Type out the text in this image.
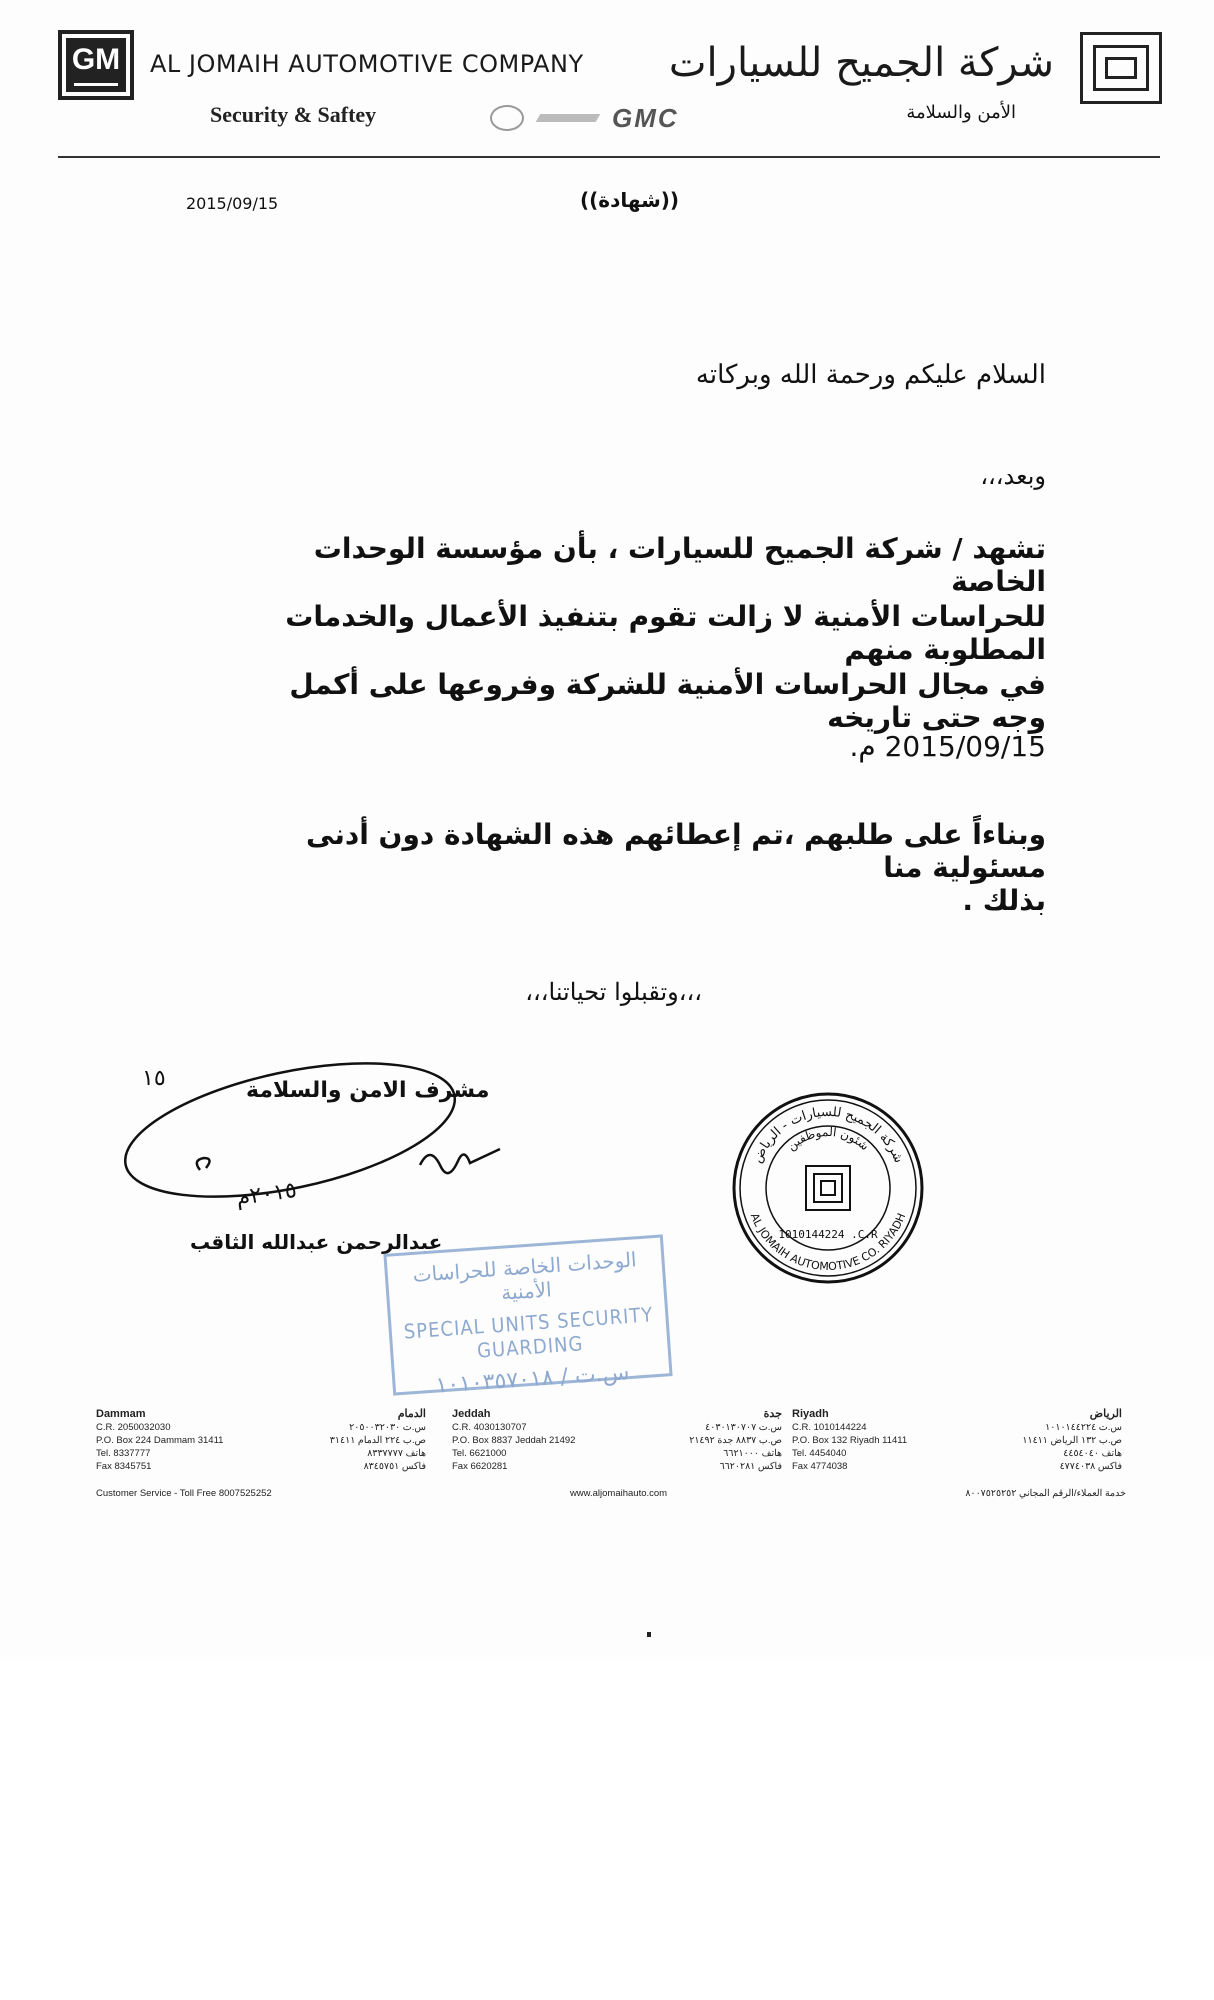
GM AL JOMAIH AUTOMOTIVE COMPANY
Security & Saftey	GMC
شركة الجميح للسيارات
الأمن والسلامة
2015/09/15	((شهادة))
السلام عليكم ورحمة الله وبركاته
وبعد،،،
تشهد / شركة الجميح للسيارات ، بأن مؤسسة الوحدات الخاصة
للحراسات الأمنية لا زالت تقوم بتنفيذ الأعمال والخدمات المطلوبة منهم
في مجال الحراسات الأمنية للشركة وفروعها على أكمل وجه حتى تاريخه
2015/09/15 م.
وبناءاً على طلبهم ،تم إعطائهم هذه الشهادة دون أدنى مسئولية منا
بذلك .
،،،وتقبلوا تحياتنا،،،
١٥	مشرف الامن والسلامة
٢٠١٥م
عبدالرحمن عبدالله الثاقب
شركة الجميح للسيارات - الرياض
شئون الموظفين
AL JOMAIH AUTOMOTIVE CO. RIYADH
1010144224 .C.R
الوحدات الخاصة للحراسات الأمنية
SPECIAL UNITS SECURITY GUARDING
س.ت / ١٠١٠٣٥٧٠١٨
Dammam	الدمام
C.R. 2050032030	س.ت ٢٠٥٠٠٣٢٠٣٠
P.O. Box 224 Dammam 31411	ص.ب ٢٢٤ الدمام ٣١٤١١
Tel. 8337777	هاتف ٨٣٣٧٧٧٧
Fax 8345751	فاكس ٨٣٤٥٧٥١
Jeddah	جدة
C.R. 4030130707	س.ت ٤٠٣٠١٣٠٧٠٧
P.O. Box 8837 Jeddah 21492	ص.ب ٨٨٣٧ جدة ٢١٤٩٢
Tel. 6621000	هاتف ٦٦٢١٠٠٠
Fax 6620281	فاكس ٦٦٢٠٢٨١
Riyadh	الرياض
C.R. 1010144224	س.ت ١٠١٠١٤٤٢٢٤
P.O. Box 132 Riyadh 11411	ص.ب ١٣٢ الرياض ١١٤١١
Tel. 4454040	هاتف ٤٤٥٤٠٤٠
Fax 4774038	فاكس ٤٧٧٤٠٣٨
Customer Service - Toll Free 8007525252	www.aljomaihauto.com	خدمة العملاء/الرقم المجاني ٨٠٠٧٥٢٥٢٥٢
